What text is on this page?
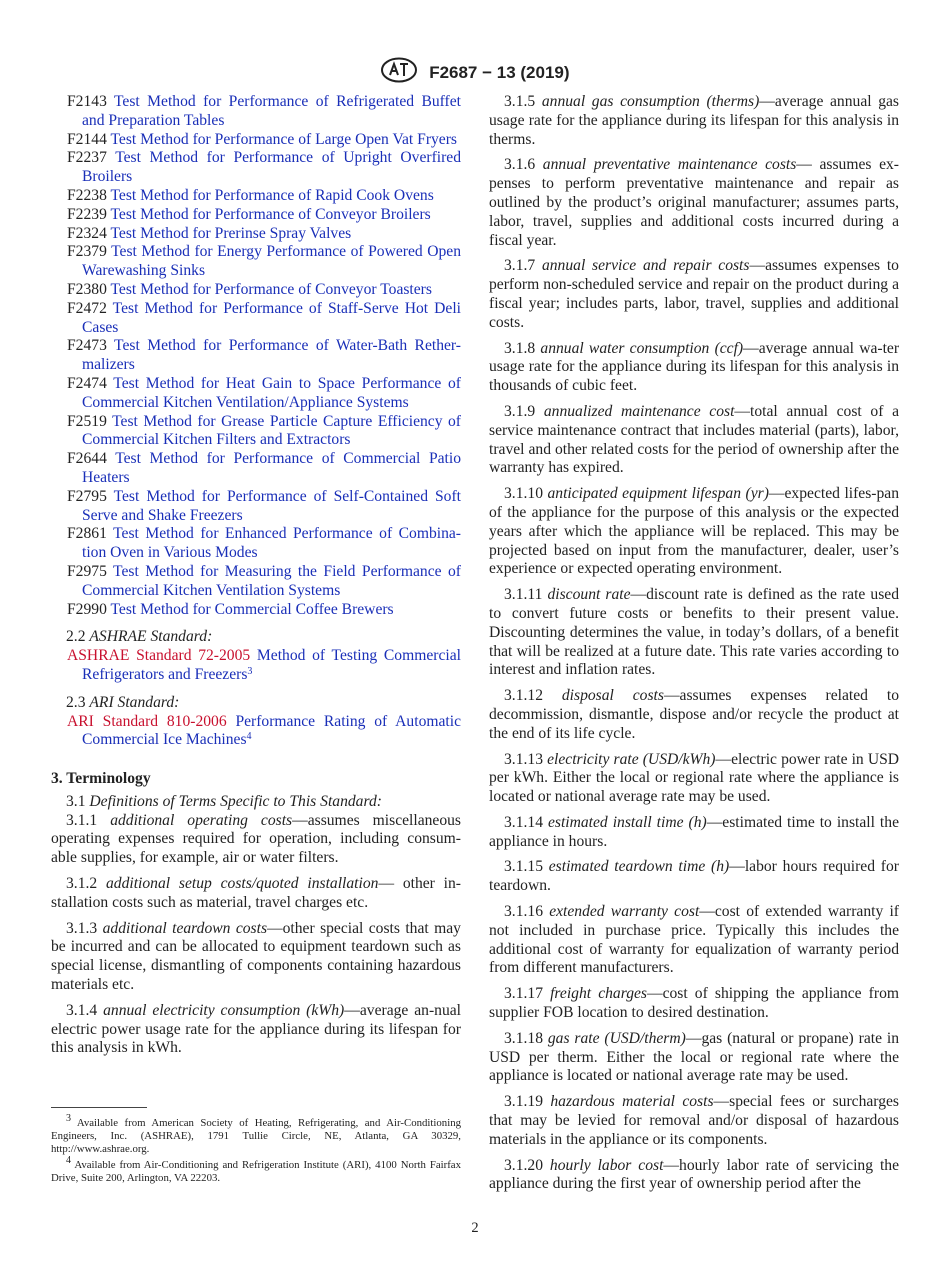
F2687 − 13 (2019)

F2143 Test Method for Performance of Refrigerated Buffet and Preparation Tables

F2144 Test Method for Performance of Large Open Vat Fryers

F2237 Test Method for Performance of Upright Overfired Broilers

F2238 Test Method for Performance of Rapid Cook Ovens

F2239 Test Method for Performance of Conveyor Broilers

F2324 Test Method for Prerinse Spray Valves

F2379 Test Method for Energy Performance of Powered Open Warewashing Sinks

F2380 Test Method for Performance of Conveyor Toasters

F2472 Test Method for Performance of Staff-Serve Hot Deli Cases

F2473 Test Method for Performance of Water-Bath Rether-malizers

F2474 Test Method for Heat Gain to Space Performance of Commercial Kitchen Ventilation/Appliance Systems

F2519 Test Method for Grease Particle Capture Efficiency of Commercial Kitchen Filters and Extractors

F2644 Test Method for Performance of Commercial Patio Heaters

F2795 Test Method for Performance of Self-Contained Soft Serve and Shake Freezers

F2861 Test Method for Enhanced Performance of Combina-tion Oven in Various Modes

F2975 Test Method for Measuring the Field Performance of Commercial Kitchen Ventilation Systems

F2990 Test Method for Commercial Coffee Brewers

2.2 ASHRAE Standard:

ASHRAE Standard 72-2005 Method of Testing Commercial Refrigerators and Freezers$^3$

2.3 ARI Standard:

ARI Standard 810-2006 Performance Rating of Automatic Commercial Ice Machines$^4$

3. Terminology

3.1 Definitions of Terms Specific to This Standard:

3.1.1 additional operating costs—assumes miscellaneous operating expenses required for operation, including consum-able supplies, for example, air or water filters.

3.1.2 additional setup costs/quoted installation— other in-stallation costs such as material, travel charges etc.

3.1.3 additional teardown costs—other special costs that may be incurred and can be allocated to equipment teardown such as special license, dismantling of components containing hazardous materials etc.

3.1.4 annual electricity consumption (kWh)—average an-nual electric power usage rate for the appliance during its lifespan for this analysis in kWh.

3.1.5 annual gas consumption (therms)—average annual gas usage rate for the appliance during its lifespan for this analysis in therms.

3.1.6 annual preventative maintenance costs— assumes ex-penses to perform preventative maintenance and repair as outlined by the product’s original manufacturer; assumes parts, labor, travel, supplies and additional costs incurred during a fiscal year.

3.1.7 annual service and repair costs—assumes expenses to perform non-scheduled service and repair on the product during a fiscal year; includes parts, labor, travel, supplies and additional costs.

3.1.8 annual water consumption (ccf)—average annual wa-ter usage rate for the appliance during its lifespan for this analysis in thousands of cubic feet.

3.1.9 annualized maintenance cost—total annual cost of a service maintenance contract that includes material (parts), labor, travel and other related costs for the period of ownership after the warranty has expired.

3.1.10 anticipated equipment lifespan (yr)—expected lifes-pan of the appliance for the purpose of this analysis or the expected years after which the appliance will be replaced. This may be projected based on input from the manufacturer, dealer, user’s experience or expected operating environment.

3.1.11 discount rate—discount rate is defined as the rate used to convert future costs or benefits to their present value. Discounting determines the value, in today’s dollars, of a benefit that will be realized at a future date. This rate varies according to interest and inflation rates.

3.1.12 disposal costs—assumes expenses related to decommission, dismantle, dispose and/or recycle the product at the end of its life cycle.

3.1.13 electricity rate (USD/kWh)—electric power rate in USD per kWh. Either the local or regional rate where the appliance is located or national average rate may be used.

3.1.14 estimated install time (h)—estimated time to install the appliance in hours.

3.1.15 estimated teardown time (h)—labor hours required for teardown.

3.1.16 extended warranty cost—cost of extended warranty if not included in purchase price. Typically this includes the additional cost of warranty for equalization of warranty period from different manufacturers.

3.1.17 freight charges—cost of shipping the appliance from supplier FOB location to desired destination.

3.1.18 gas rate (USD/therm)—gas (natural or propane) rate in USD per therm. Either the local or regional rate where the appliance is located or national average rate may be used.

3.1.19 hazardous material costs—special fees or surcharges that may be levied for removal and/or disposal of hazardous materials in the appliance or its components.

3.1.20 hourly labor cost—hourly labor rate of servicing the appliance during the first year of ownership period after the

$^3$ Available from American Society of Heating, Refrigerating, and Air-Conditioning Engineers, Inc. (ASHRAE), 1791 Tullie Circle, NE, Atlanta, GA 30329, http://www.ashrae.org.

$^4$ Available from Air-Conditioning and Refrigeration Institute (ARI), 4100 North Fairfax Drive, Suite 200, Arlington, VA 22203.

2
